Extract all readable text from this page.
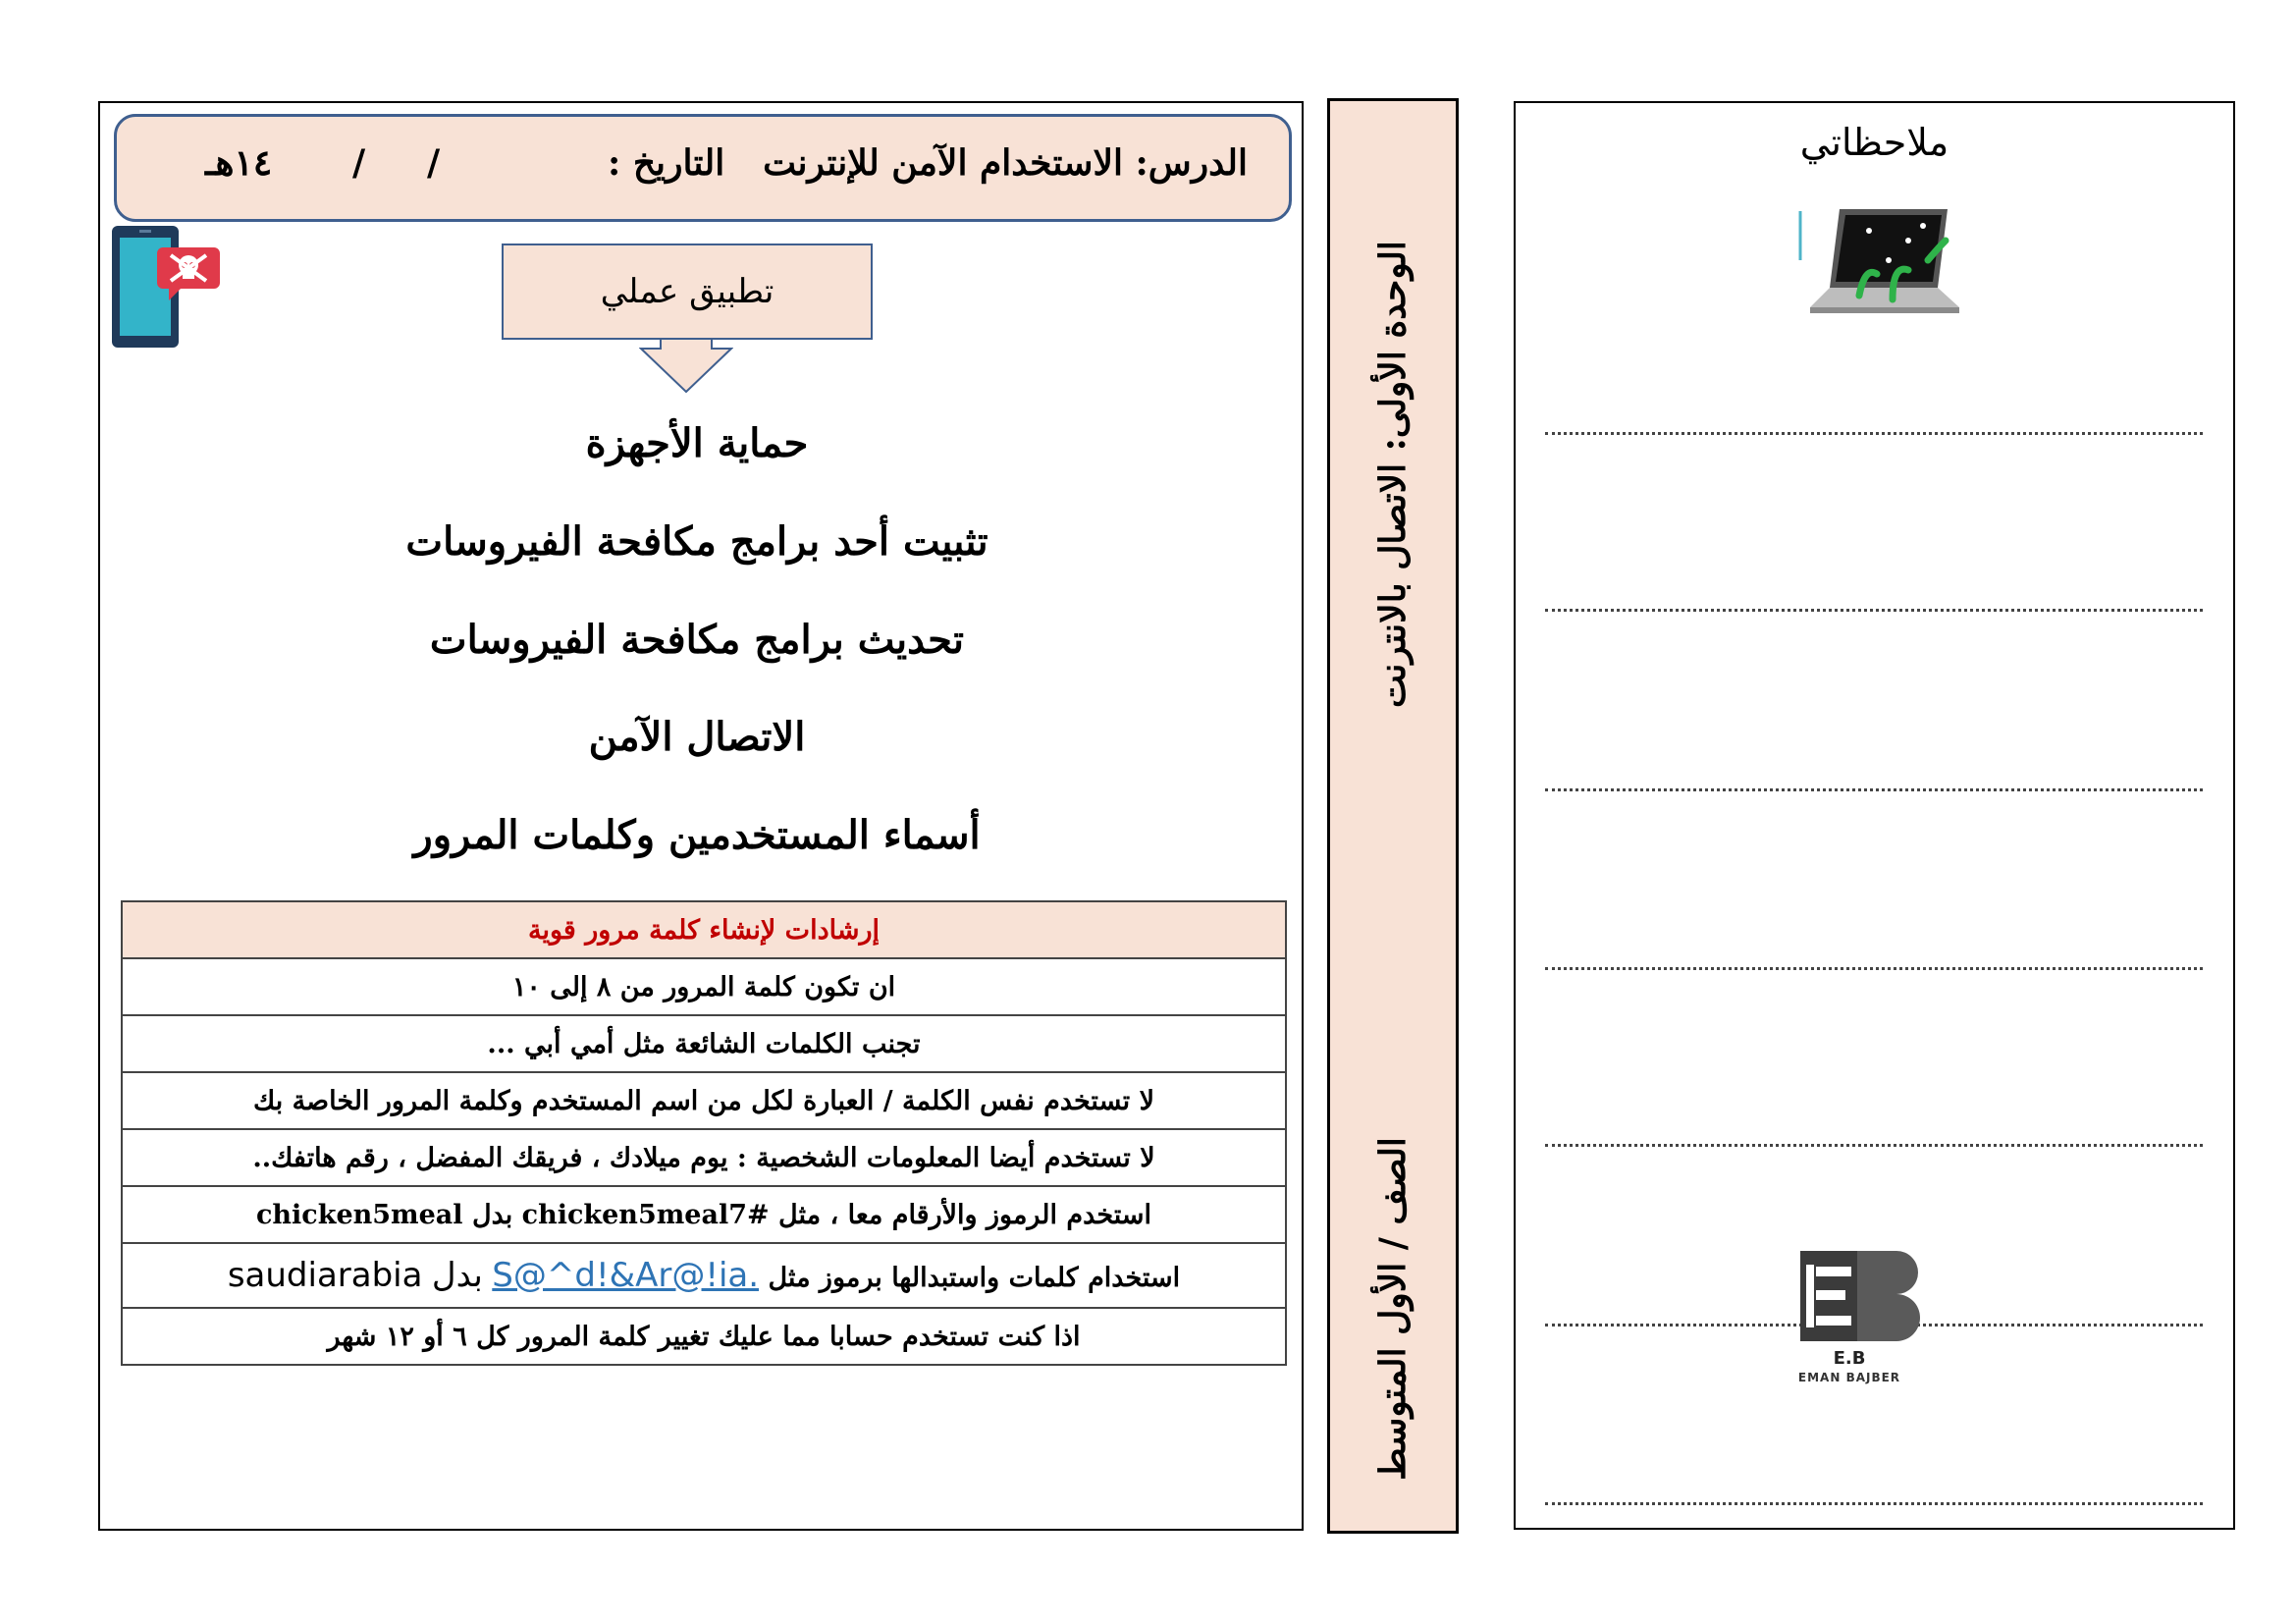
الدرس: الاستخدام الآمن للإنترنت
التاريخ :
/
/
١٤هـ
تطبيق عملي
حماية الأجهزة
تثبيت أحد برامج مكافحة الفيروسات
تحديث برامج مكافحة الفيروسات
الاتصال الآمن
أسماء المستخدمين وكلمات المرور
إرشادات لإنشاء كلمة مرور قوية
ان تكون كلمة المرور من ٨ إلى ١٠
تجنب الكلمات الشائعة مثل أمي أبي ...
لا تستخدم نفس الكلمة / العبارة لكل من اسم المستخدم وكلمة المرور الخاصة بك
لا تستخدم أيضا المعلومات الشخصية : يوم ميلادك ، فريقك المفضل ، رقم هاتفك..
استخدم الرموز والأرقام معا ، مثل #chicken5meal7 بدل chicken5meal
استخدام كلمات واستبدالها برموز مثل S@^d!&Ar@!ia. بدل saudiarabia
اذا كنت تستخدم حسابا مما عليك تغيير كلمة المرور كل ٦ أو ١٢ شهر
الوحدة الأولى: الاتصال بالانترنت
الصف / الأول المتوسط
ملاحظاتي
E.B
EMAN BAJBER
